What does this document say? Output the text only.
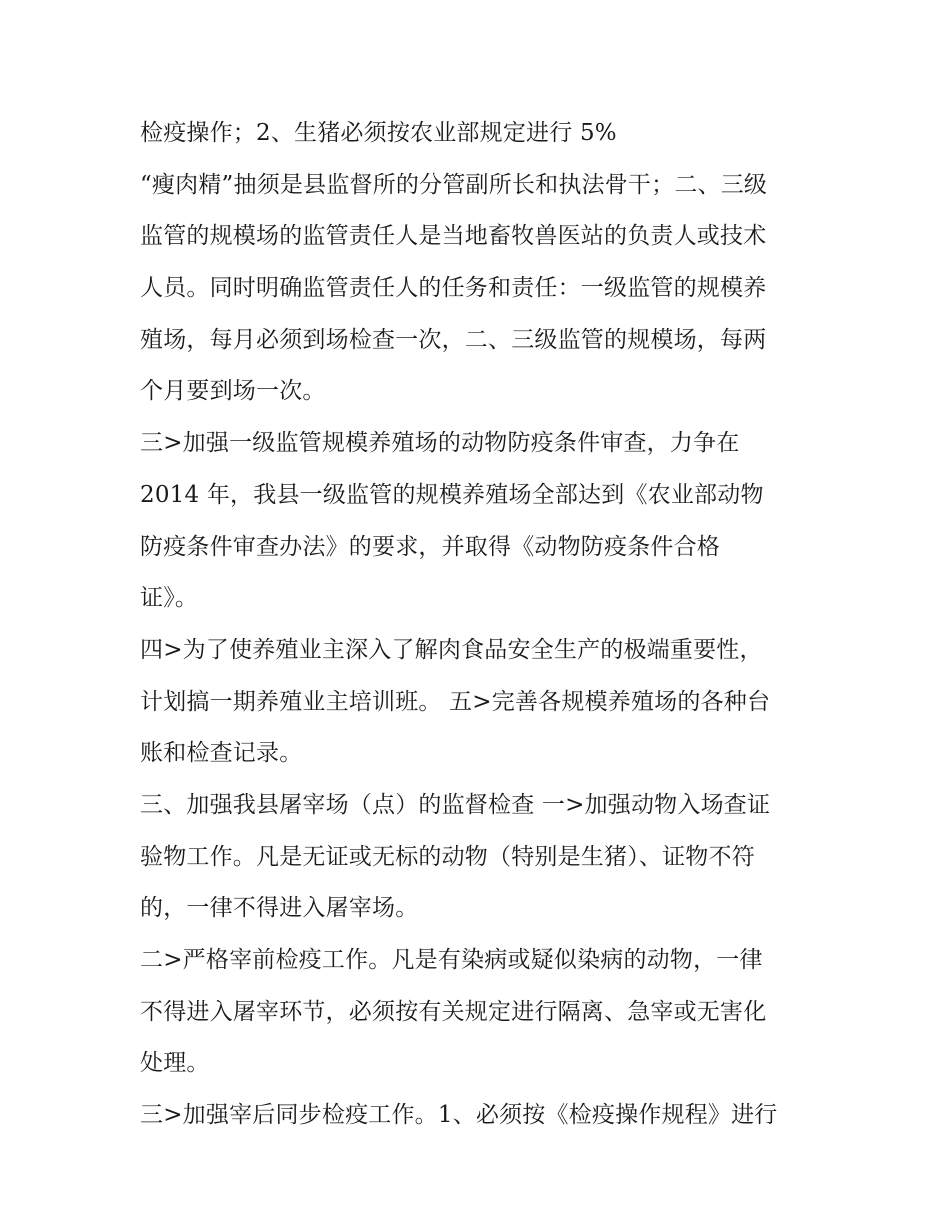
检疫操作；2、生猪必须按农业部规定进行 5%
“瘦肉精”抽须是县监督所的分管副所长和执法骨干；二、三级
监管的规模场的监管责任人是当地畜牧兽医站的负责人或技术
人员。同时明确监管责任人的任务和责任：一级监管的规模养
殖场，每月必须到场检查一次，二、三级监管的规模场，每两
个月要到场一次。
三>加强一级监管规模养殖场的动物防疫条件审查，力争在
2014 年，我县一级监管的规模养殖场全部达到《农业部动物
防疫条件审查办法》的要求，并取得《动物防疫条件合格
证》。
四>为了使养殖业主深入了解肉食品安全生产的极端重要性，
计划搞一期养殖业主培训班。 五>完善各规模养殖场的各种台
账和检查记录。
三、加强我县屠宰场（点）的监督检查 一>加强动物入场查证
验物工作。凡是无证或无标的动物（特别是生猪）、证物不符
的，一律不得进入屠宰场。
二>严格宰前检疫工作。凡是有染病或疑似染病的动物，一律
不得进入屠宰环节，必须按有关规定进行隔离、急宰或无害化
处理。
三>加强宰后同步检疫工作。1、必须按《检疫操作规程》进行
